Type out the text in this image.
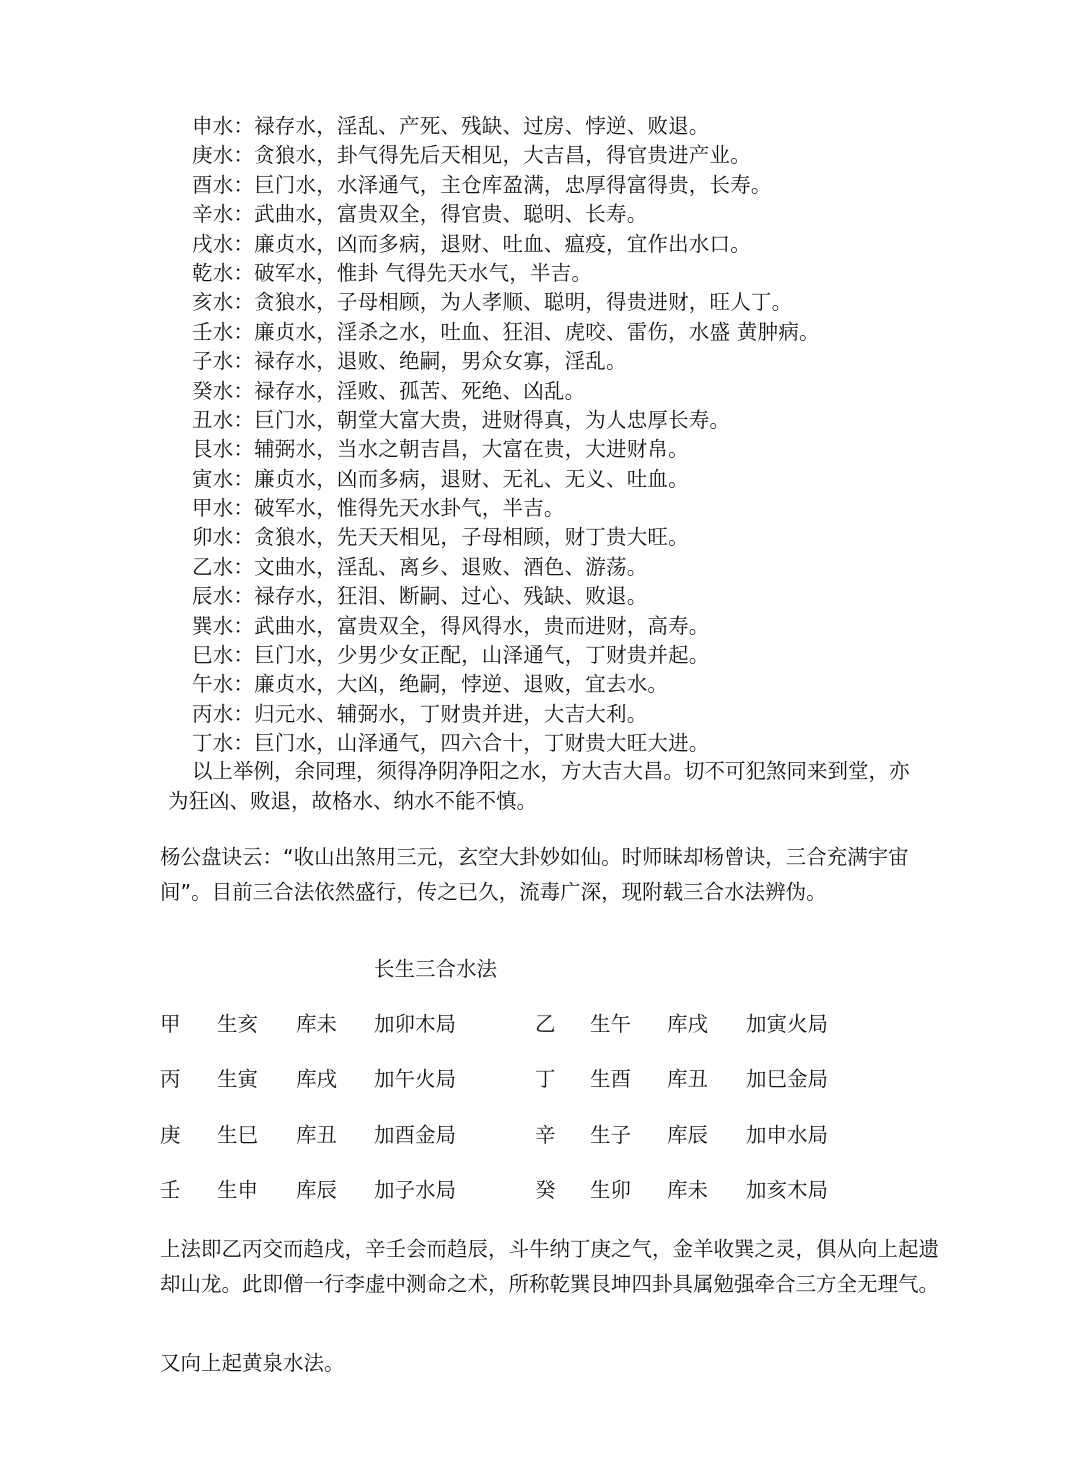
申水：禄存水，淫乱、产死、残缺、过房、悖逆、败退。
庚水：贪狼水，卦气得先后天相见，大吉昌，得官贵进产业。
酉水：巨门水，水泽通气，主仓库盈满，忠厚得富得贵，长寿。
辛水：武曲水，富贵双全，得官贵、聪明、长寿。
戌水：廉贞水，凶而多病，退财、吐血、瘟疫，宜作出水口。
乾水：破军水，惟卦 气得先天水气，半吉。
亥水：贪狼水，子母相顾，为人孝顺、聪明，得贵进财，旺人丁。
壬水：廉贞水，淫杀之水，吐血、狂泪、虎咬、雷伤，水盛 黄肿病。
子水：禄存水，退败、绝嗣，男众女寡，淫乱。
癸水：禄存水，淫败、孤苦、死绝、凶乱。
丑水：巨门水，朝堂大富大贵，进财得真，为人忠厚长寿。
艮水：辅弼水，当水之朝吉昌，大富在贵，大进财帛。
寅水：廉贞水，凶而多病，退财、无礼、无义、吐血。
甲水：破军水，惟得先天水卦气，半吉。
卯水：贪狼水，先天天相见，子母相顾，财丁贵大旺。
乙水：文曲水，淫乱、离乡、退败、酒色、游荡。
辰水：禄存水，狂泪、断嗣、过心、残缺、败退。
巽水：武曲水，富贵双全，得风得水，贵而进财，高寿。
巳水：巨门水，少男少女正配，山泽通气，丁财贵并起。
午水：廉贞水，大凶，绝嗣，悖逆、退败，宜去水。
丙水：归元水、辅弼水，丁财贵并进，大吉大利。
丁水：巨门水，山泽通气，四六合十，丁财贵大旺大进。

以上举例，余同理，须得净阴净阳之水，方大吉大昌。切不可犯煞同来到堂，亦为狂凶、败退，故格水、纳水不能不慎。

杨公盘诀云：“收山出煞用三元，玄空大卦妙如仙。时师昧却杨曾诀，三合充满宇宙间”。目前三合法依然盛行，传之已久，流毒广深，现附载三合水法辨伪。

长生三合水法
甲 生亥 库未 加卯木局	乙 生午 库戌 加寅火局
丙 生寅 库戌 加午火局	丁 生酉 库丑 加巳金局
庚 生巳 库丑 加酉金局	辛 生子 库辰 加申水局
壬 生申 库辰 加子水局	癸 生卯 库未 加亥木局

上法即乙丙交而趋戌，辛壬会而趋辰，斗牛纳丁庚之气，金羊收巽之灵，俱从向上起遗却山龙。此即僧一行李虚中测命之术，所称乾巽艮坤四卦具属勉强牵合三方全无理气。

又向上起黄泉水法。
